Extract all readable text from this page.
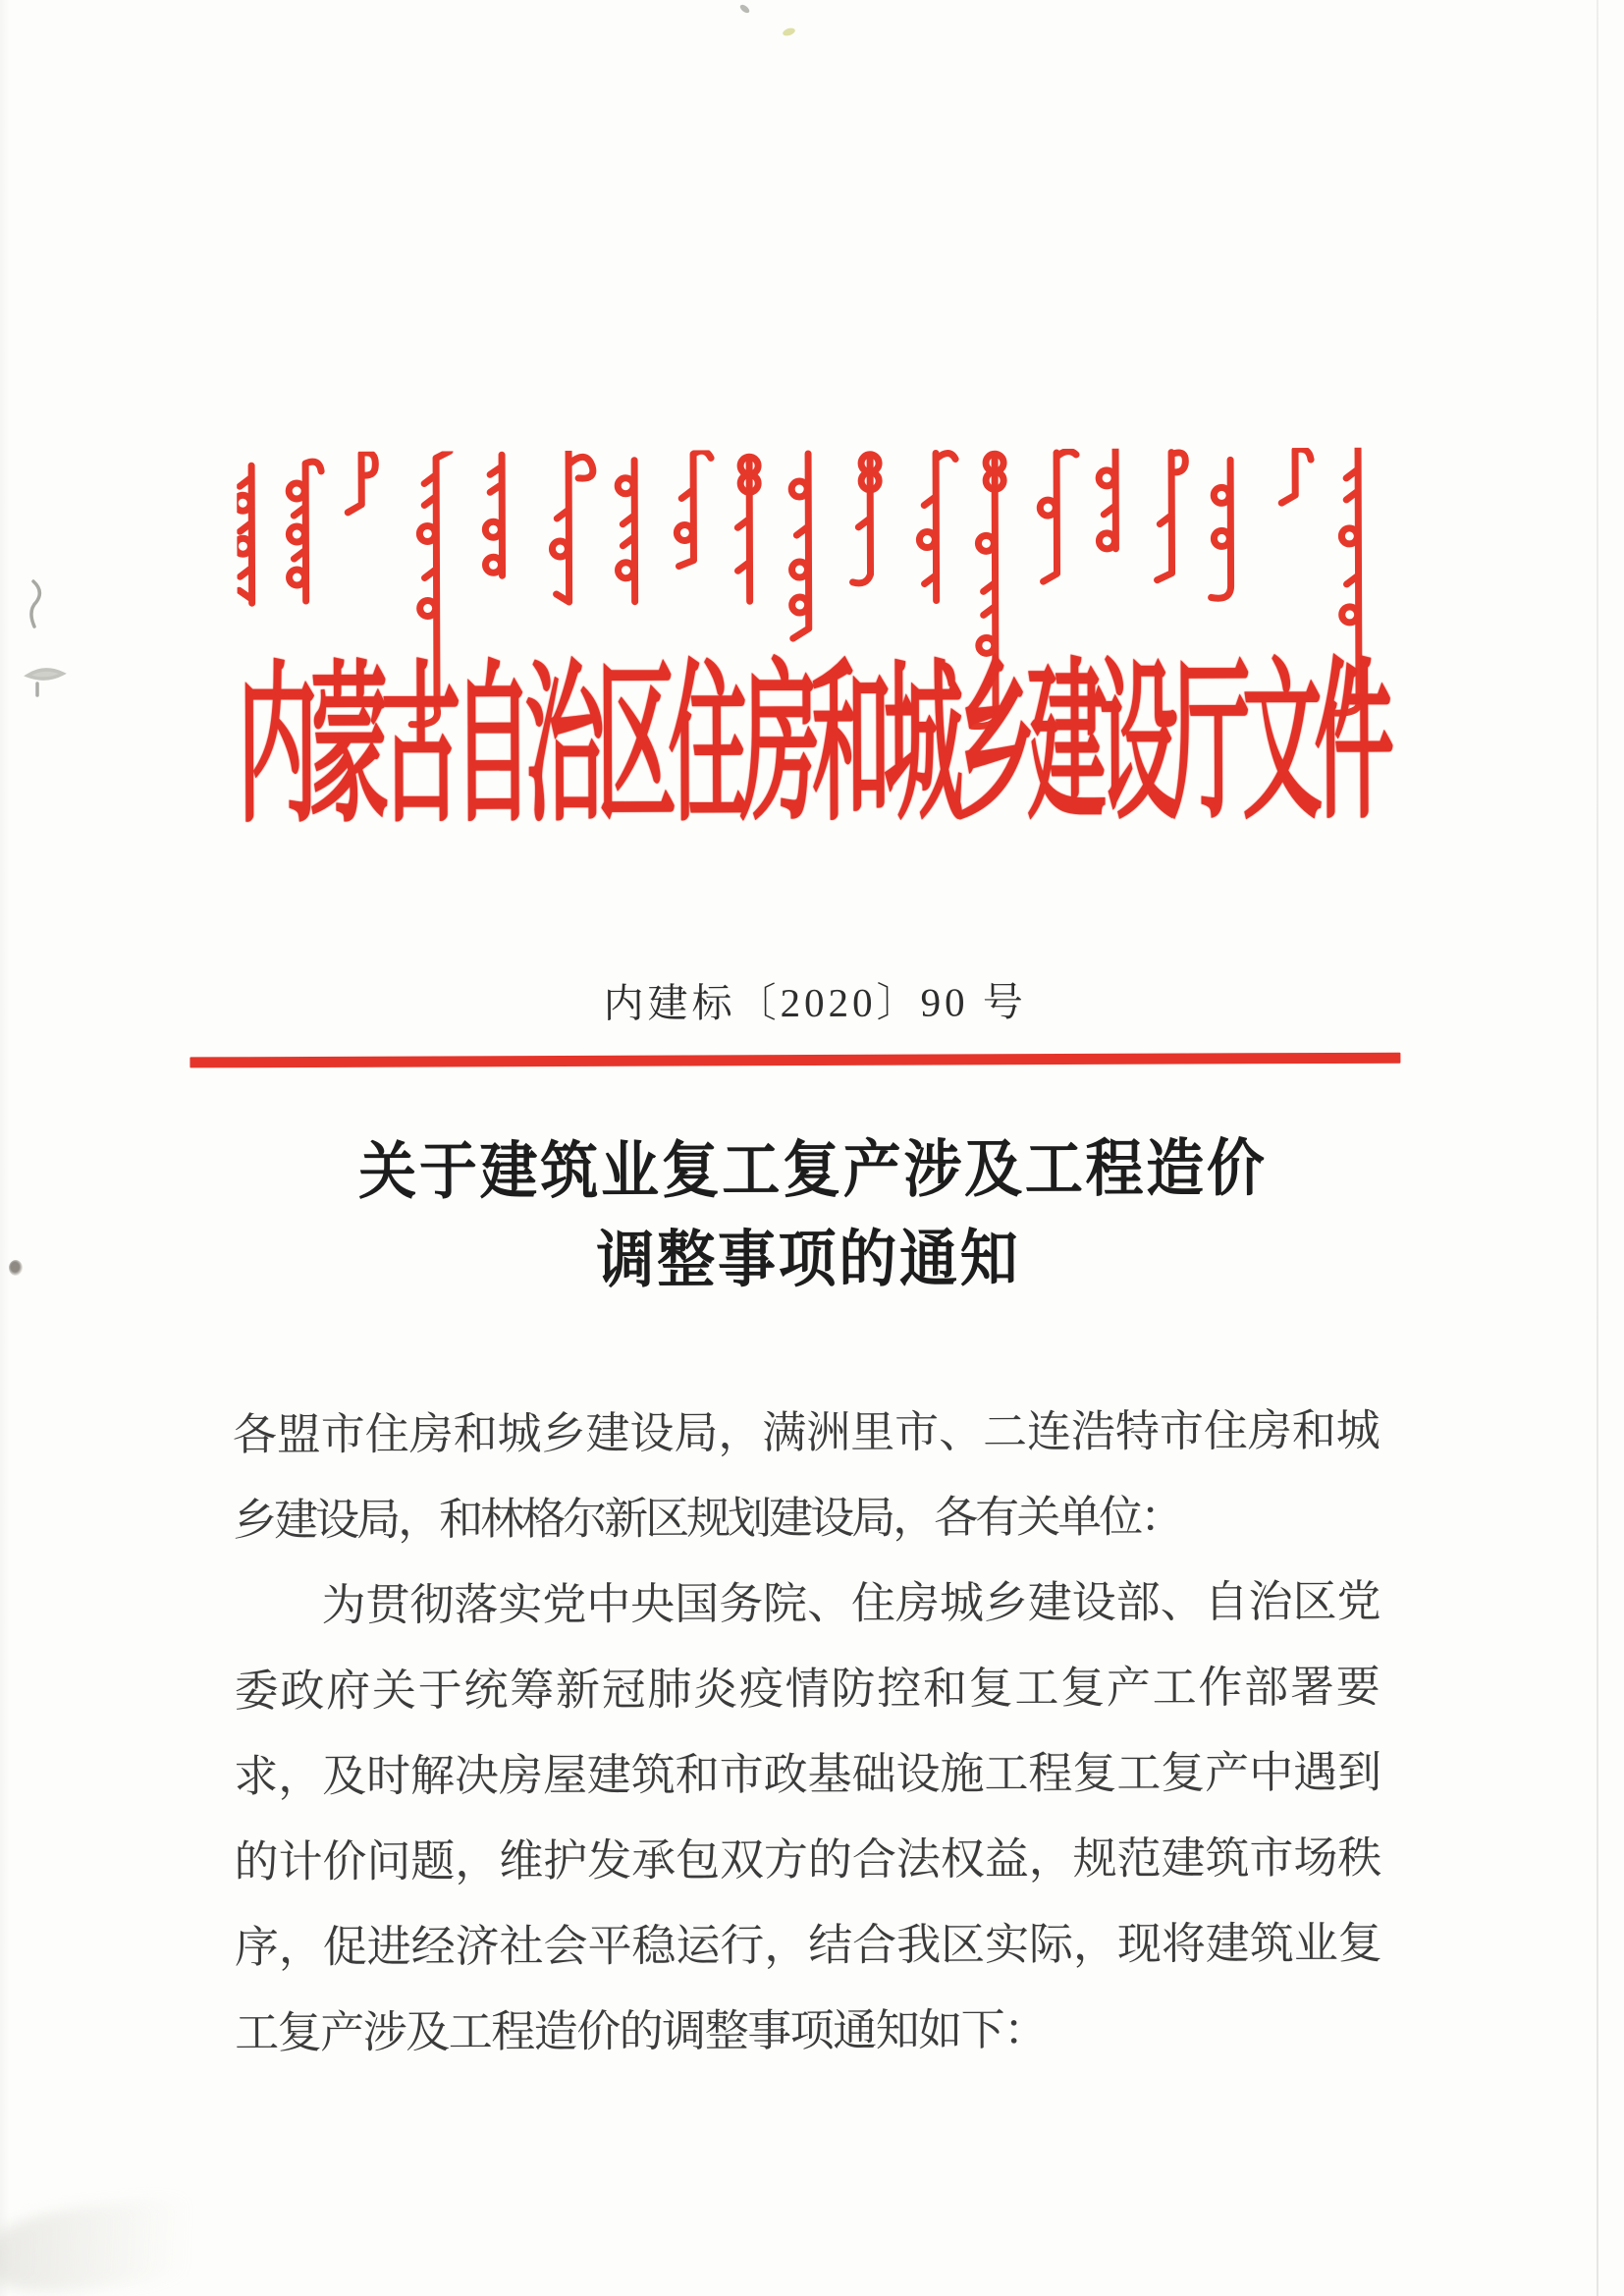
内
蒙
古
自
治
区
住
房
和
城
乡
建
设
厅
文
件
内建标〔2020〕90 号
关 于 建 筑 业 复 工 复 产 涉 及 工 程 造 价
调 整 事 项 的 通 知
各 盟 市 住 房 和 城 乡 建 设 局 ， 满 洲 里 市 、 二 连 浩 特 市 住 房 和 城
乡
建
设
局
，
和
林
格
尔
新
区
规
划
建
设
局
，
各
有
关
单
位
：
为 贯 彻 落 实 党 中 央 国 务 院 、 住 房 城 乡 建 设 部 、 自 治 区 党
委 政 府 关 于 统 筹 新 冠 肺 炎 疫 情 防 控 和 复 工 复 产 工 作 部 署 要
求 ， 及 时 解 决 房 屋 建 筑 和 市 政 基 础 设 施 工 程 复 工 复 产 中 遇 到
的 计 价 问 题 ， 维 护 发 承 包 双 方 的 合 法 权 益 ， 规 范 建 筑 市 场 秩
序 ， 促 进 经 济 社 会 平 稳 运 行 ， 结 合 我 区 实 际 ， 现 将 建 筑 业 复
工
复
产
涉
及
工
程
造
价
的
调
整
事
项
通
知
如
下
：
